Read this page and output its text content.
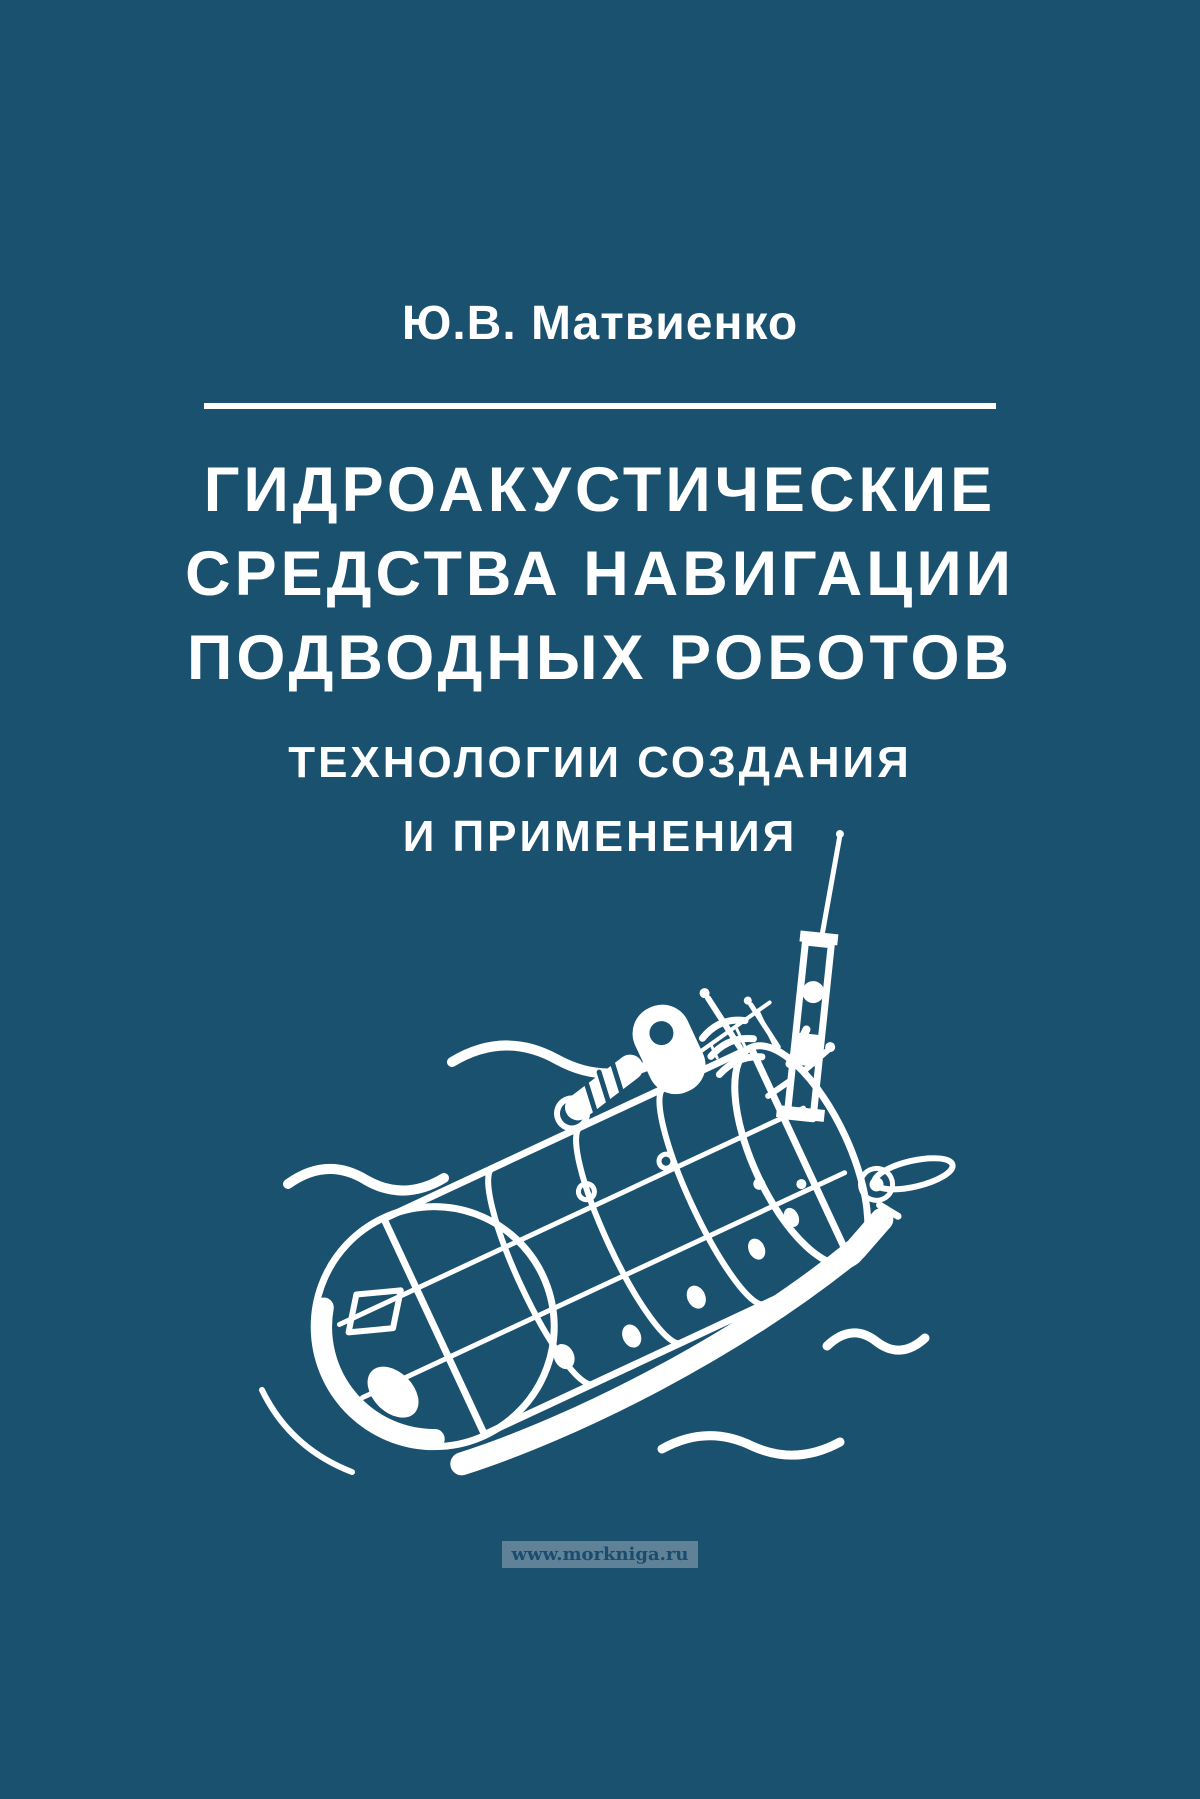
Ю.В. Матвиенко
ГИДРОАКУСТИЧЕСКИЕ
СРЕДСТВА НАВИГАЦИИ
ПОДВОДНЫХ РОБОТОВ
ТЕХНОЛОГИИ СОЗДАНИЯ
И ПРИМЕНЕНИЯ
www.morkniga.ru
